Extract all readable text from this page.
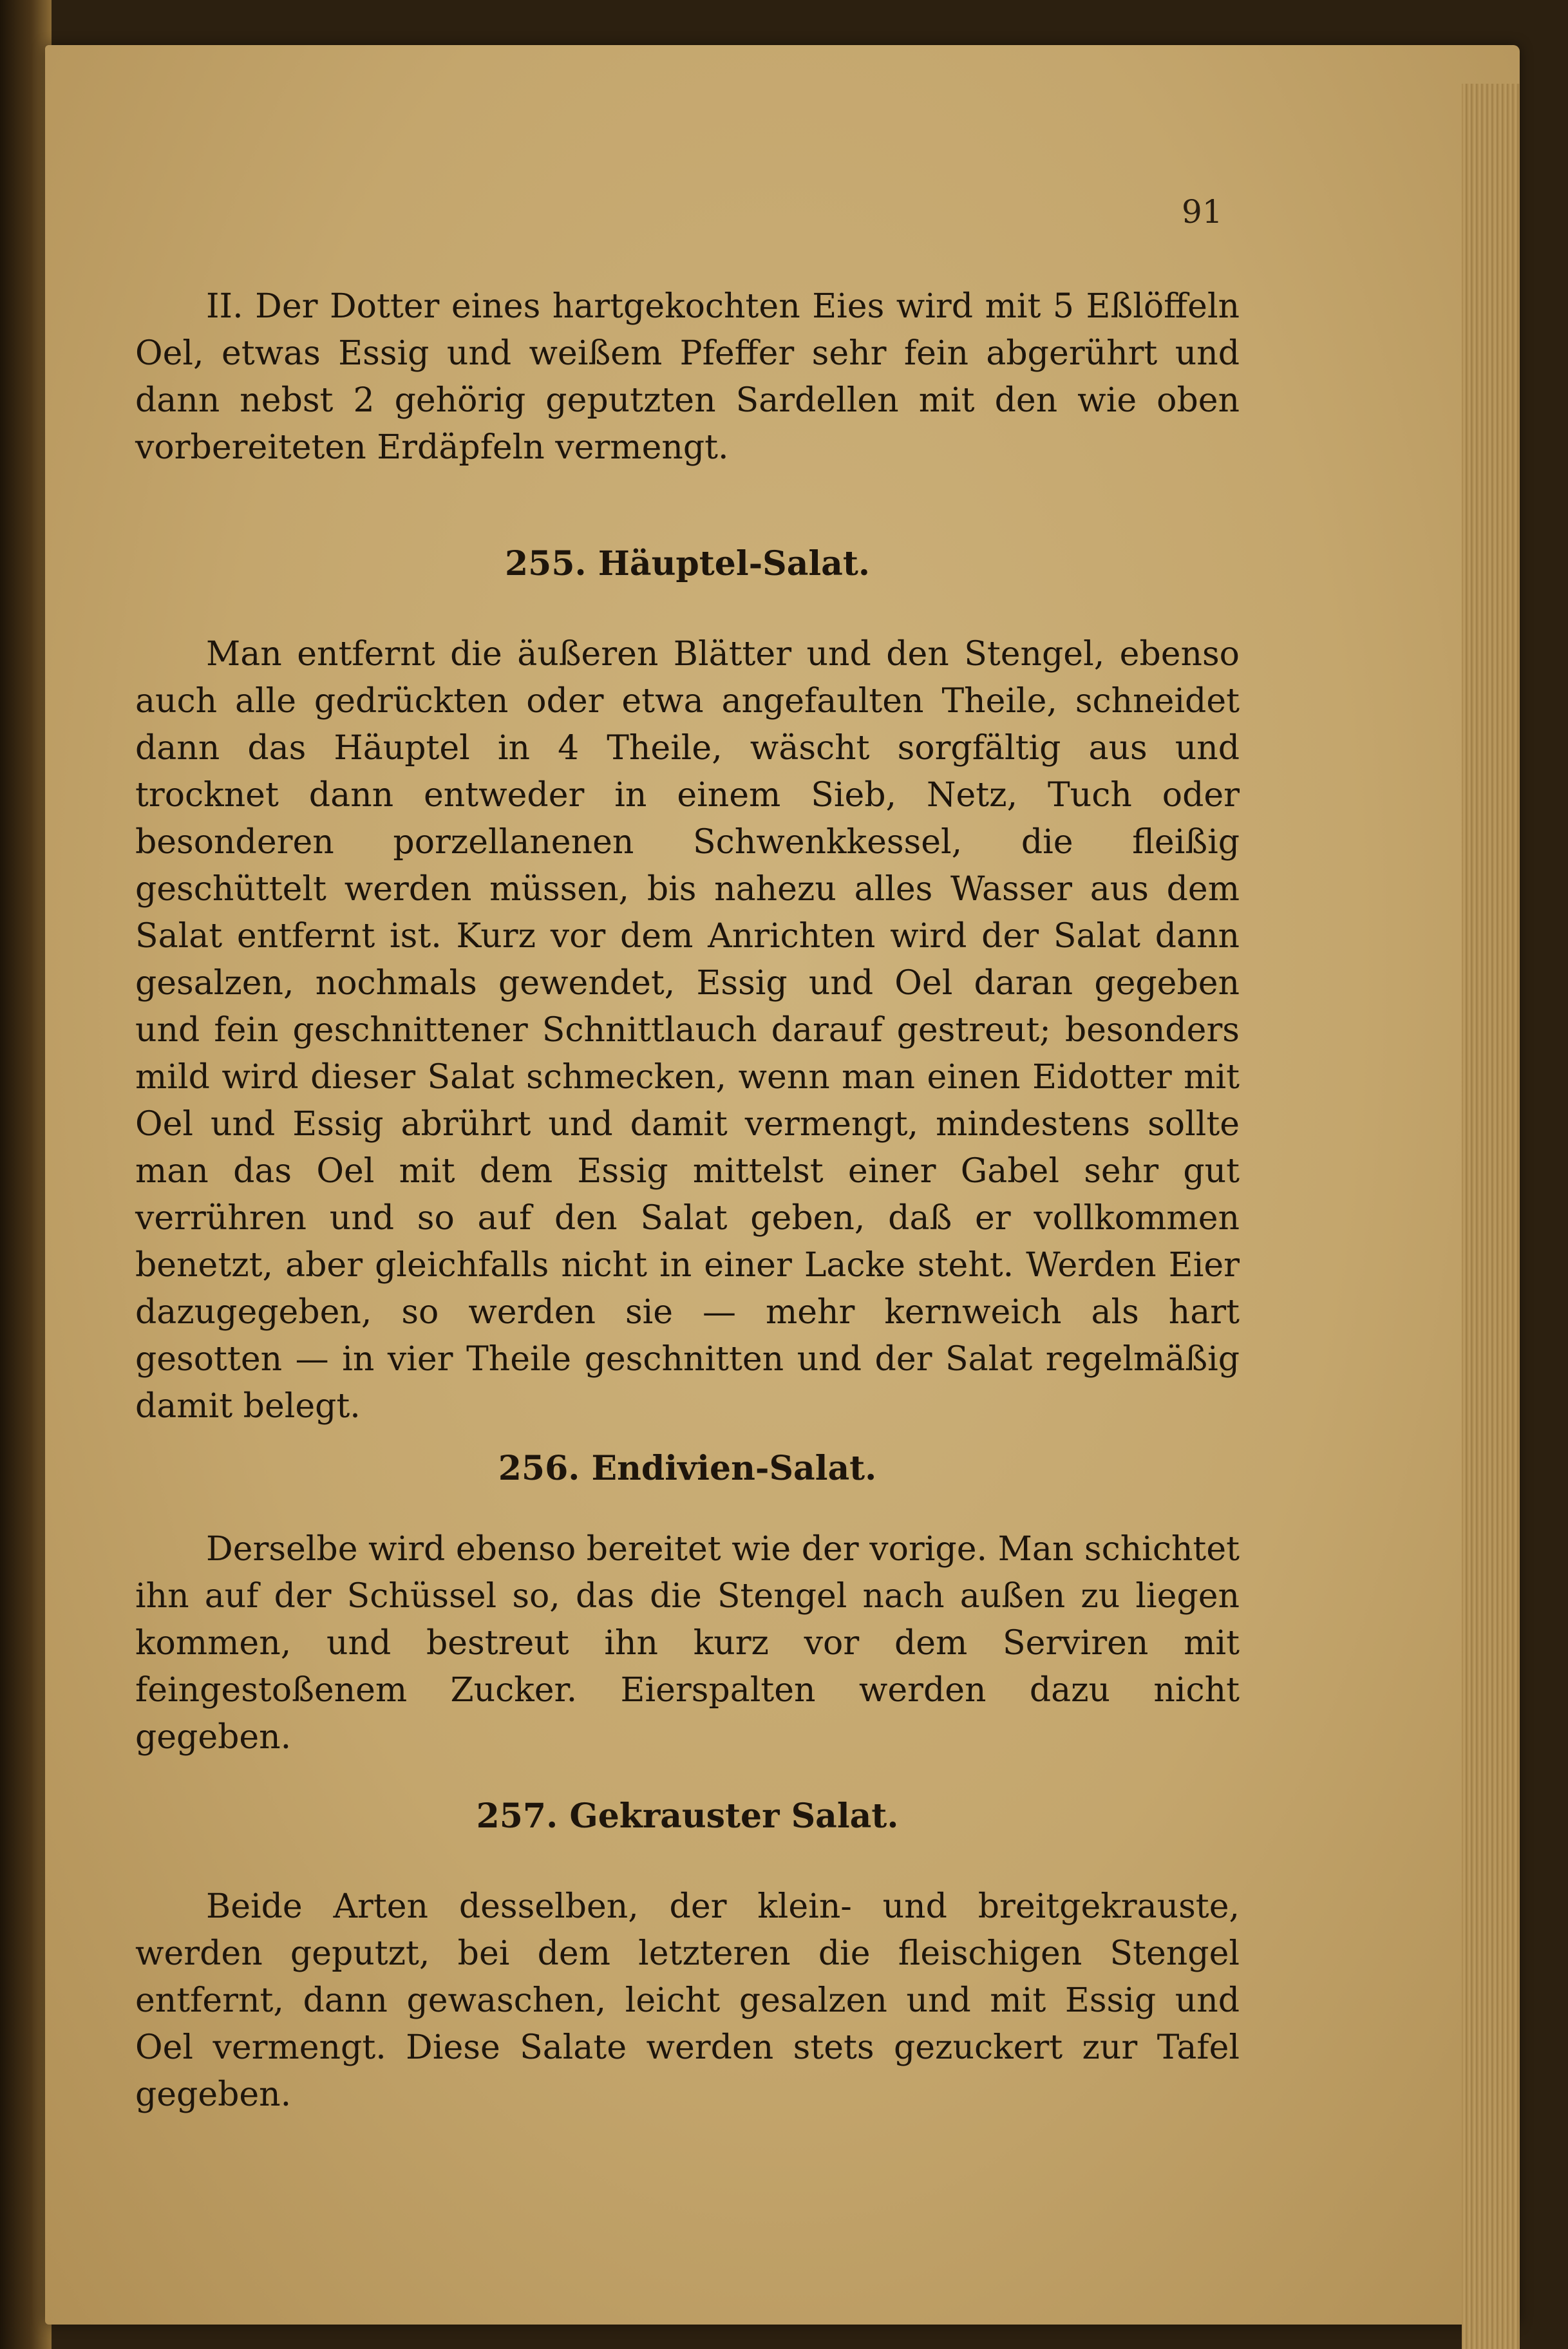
91

II. Der Dotter eines hartgekochten Eies wird mit 5 Eßlöffeln Oel, etwas Essig und weißem Pfeffer sehr fein abgerührt und dann nebst 2 gehörig geputzten Sardellen mit den wie oben vorbereiteten Erdäpfeln vermengt.

255. Häuptel-Salat.

Man entfernt die äußeren Blätter und den Stengel, ebenso auch alle gedrückten oder etwa angefaulten Theile, schneidet dann das Häuptel in 4 Theile, wäscht sorgfältig aus und trocknet dann entweder in einem Sieb, Netz, Tuch oder besonderen porzellanenen Schwenkkessel, die fleißig geschüttelt werden müssen, bis nahezu alles Wasser aus dem Salat entfernt ist. Kurz vor dem Anrichten wird der Salat dann gesalzen, nochmals gewendet, Essig und Oel daran gegeben und fein geschnittener Schnittlauch darauf gestreut; besonders mild wird dieser Salat schmecken, wenn man einen Eidotter mit Oel und Essig abrührt und damit vermengt, mindestens sollte man das Oel mit dem Essig mittelst einer Gabel sehr gut verrühren und so auf den Salat geben, daß er vollkommen benetzt, aber gleichfalls nicht in einer Lacke steht. Werden Eier dazugegeben, so werden sie — mehr kernweich als hart gesotten — in vier Theile geschnitten und der Salat regelmäßig damit belegt.

256. Endivien-Salat.

Derselbe wird ebenso bereitet wie der vorige. Man schichtet ihn auf der Schüssel so, das die Stengel nach außen zu liegen kommen, und bestreut ihn kurz vor dem Serviren mit feingestoßenem Zucker. Eierspalten werden dazu nicht gegeben.

257. Gekrauster Salat.

Beide Arten desselben, der klein- und breitgekrauste, werden geputzt, bei dem letzteren die fleischigen Stengel entfernt, dann gewaschen, leicht gesalzen und mit Essig und Oel vermengt. Diese Salate werden stets gezuckert zur Tafel gegeben.
